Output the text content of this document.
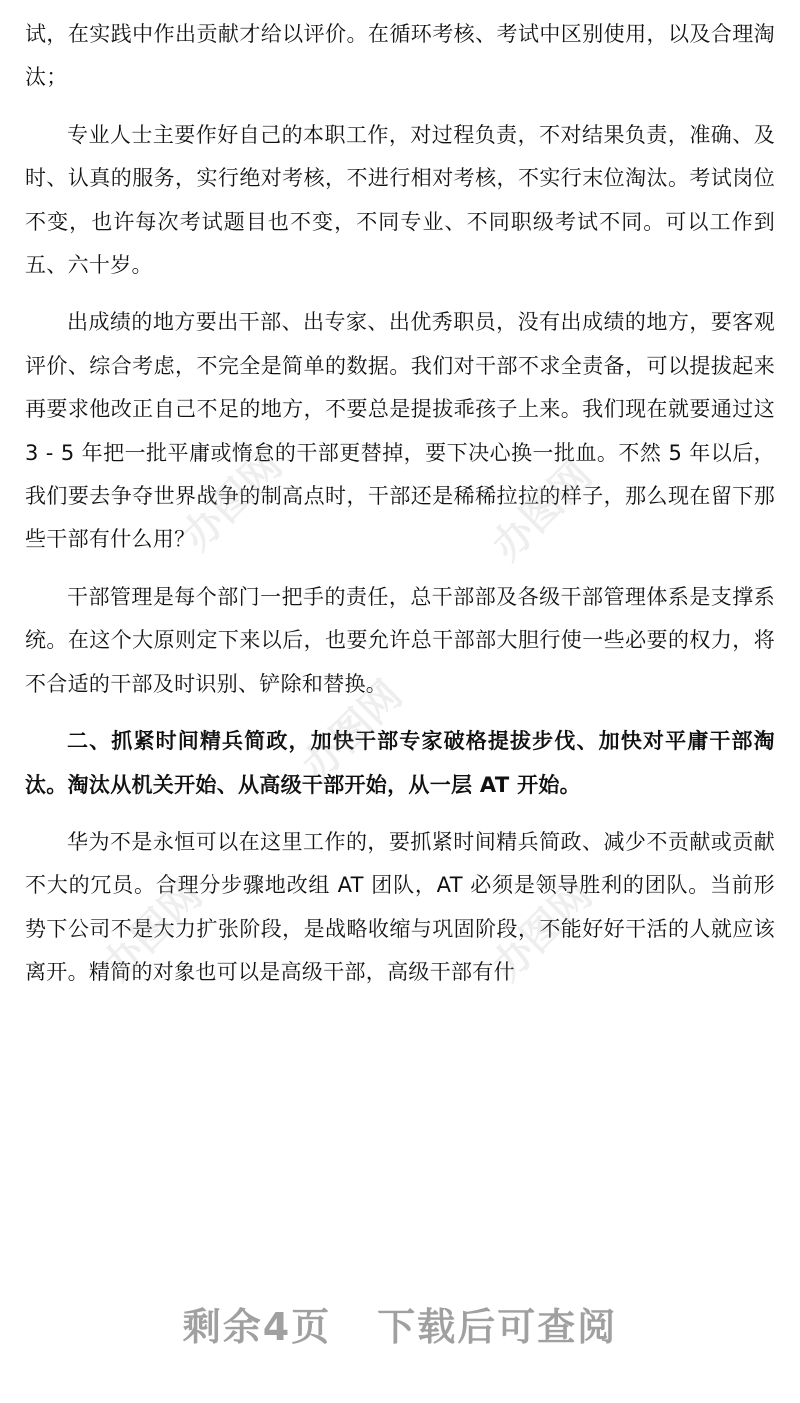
试，在实践中作出贡献才给以评价。在循环考核、考试中区别使用，以及合理淘汰；

专业人士主要作好自己的本职工作，对过程负责，不对结果负责，准确、及时、认真的服务，实行绝对考核，不进行相对考核，不实行末位淘汰。考试岗位不变，也许每次考试题目也不变，不同专业、不同职级考试不同。可以工作到五、六十岁。

出成绩的地方要出干部、出专家、出优秀职员，没有出成绩的地方，要客观评价、综合考虑，不完全是简单的数据。我们对干部不求全责备，可以提拔起来再要求他改正自己不足的地方，不要总是提拔乖孩子上来。我们现在就要通过这 3 - 5 年把一批平庸或惰怠的干部更替掉，要下决心换一批血。不然 5 年以后，我们要去争夺世界战争的制高点时，干部还是稀稀拉拉的样子，那么现在留下那些干部有什么用？

干部管理是每个部门一把手的责任，总干部部及各级干部管理体系是支撑系统。在这个大原则定下来以后，也要允许总干部部大胆行使一些必要的权力，将不合适的干部及时识别、铲除和替换。

二、抓紧时间精兵简政，加快干部专家破格提拔步伐、加快对平庸干部淘汰。淘汰从机关开始、从高级干部开始，从一层 AT 开始。

华为不是永恒可以在这里工作的，要抓紧时间精兵简政、减少不贡献或贡献不大的冗员。合理分步骤地改组 AT 团队，AT 必须是领导胜利的团队。当前形势下公司不是大力扩张阶段，是战略收缩与巩固阶段，不能好好干活的人就应该离开。精简的对象也可以是高级干部，高级干部有什

办图网	办图网
办图网
办图网	办图网
剩余4页 下载后可查阅
